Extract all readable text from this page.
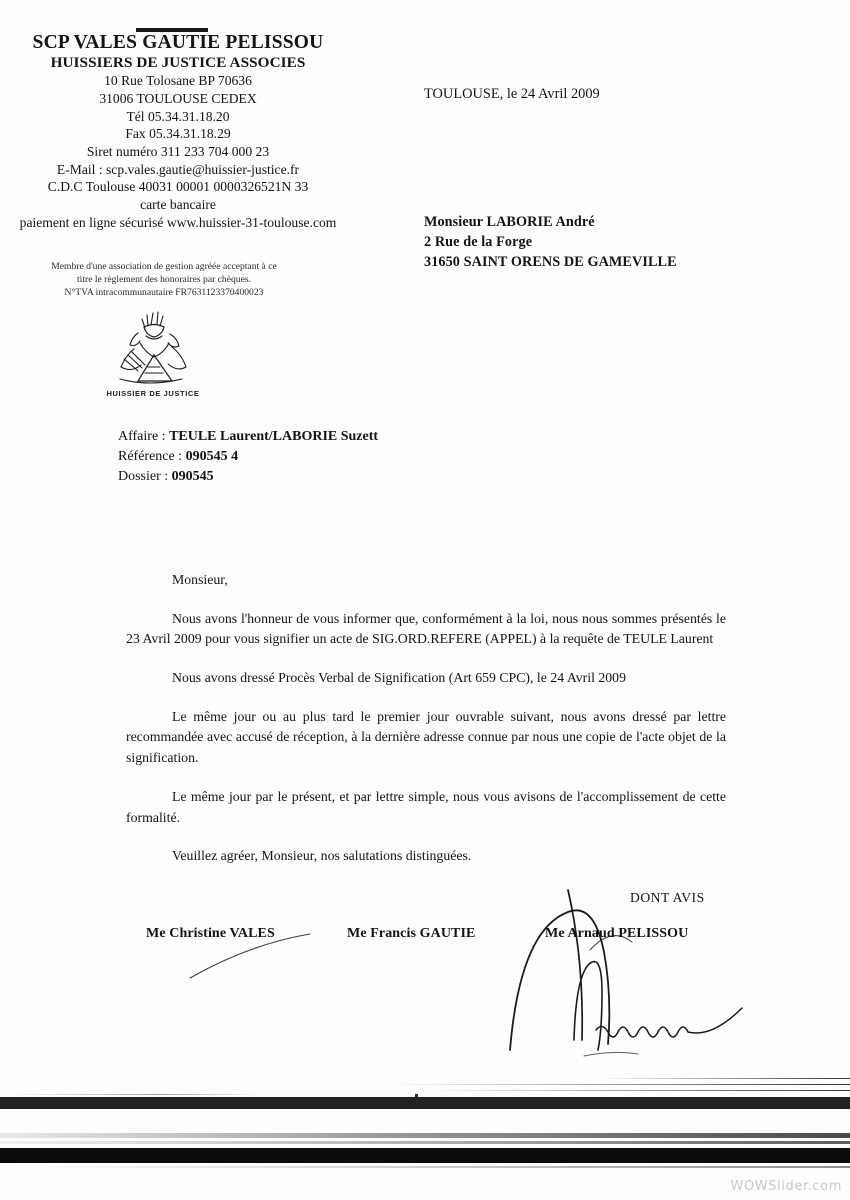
SCP VALES GAUTIE PELISSOU
HUISSIERS DE JUSTICE ASSOCIES
10 Rue Tolosane BP 70636
31006 TOULOUSE CEDEX
Tél 05.34.31.18.20
Fax 05.34.31.18.29
Siret numéro 311 233 704 000 23
E-Mail : scp.vales.gautie@huissier-justice.fr
C.D.C Toulouse 40031 00001 0000326521N 33
carte bancaire
paiement en ligne sécurisé www.huissier-31-toulouse.com
Membre d'une association de gestion agréée acceptant à ce
titre le règlement des honoraires par chèques.
N°TVA intracommunautaire FR7631123370400023
HUISSIER DE JUSTICE
TOULOUSE, le 24 Avril 2009
Monsieur LABORIE André
2 Rue de la Forge
31650 SAINT ORENS DE GAMEVILLE
Affaire : TEULE Laurent/LABORIE Suzett
Référence : 090545 4
Dossier : 090545

Monsieur,

Nous avons l'honneur de vous informer que, conformément à la loi, nous nous sommes présentés le 23 Avril 2009 pour vous signifier un acte de SIG.ORD.REFERE (APPEL) à la requête de TEULE Laurent

Nous avons dressé Procès Verbal de Signification (Art 659 CPC), le 24 Avril 2009

Le même jour ou au plus tard le premier jour ouvrable suivant, nous avons dressé par lettre recommandée avec accusé de réception, à la dernière adresse connue par nous une copie de l'acte objet de la signification.

Le même jour par le présent, et par lettre simple, nous vous avisons de l'accomplissement de cette formalité.

Veuillez agréer, Monsieur, nos salutations distinguées.

DONT AVIS
Me Christine VALES	Me Francis GAUTIE	Me Arnaud PELISSOU
WOWSlider.com
